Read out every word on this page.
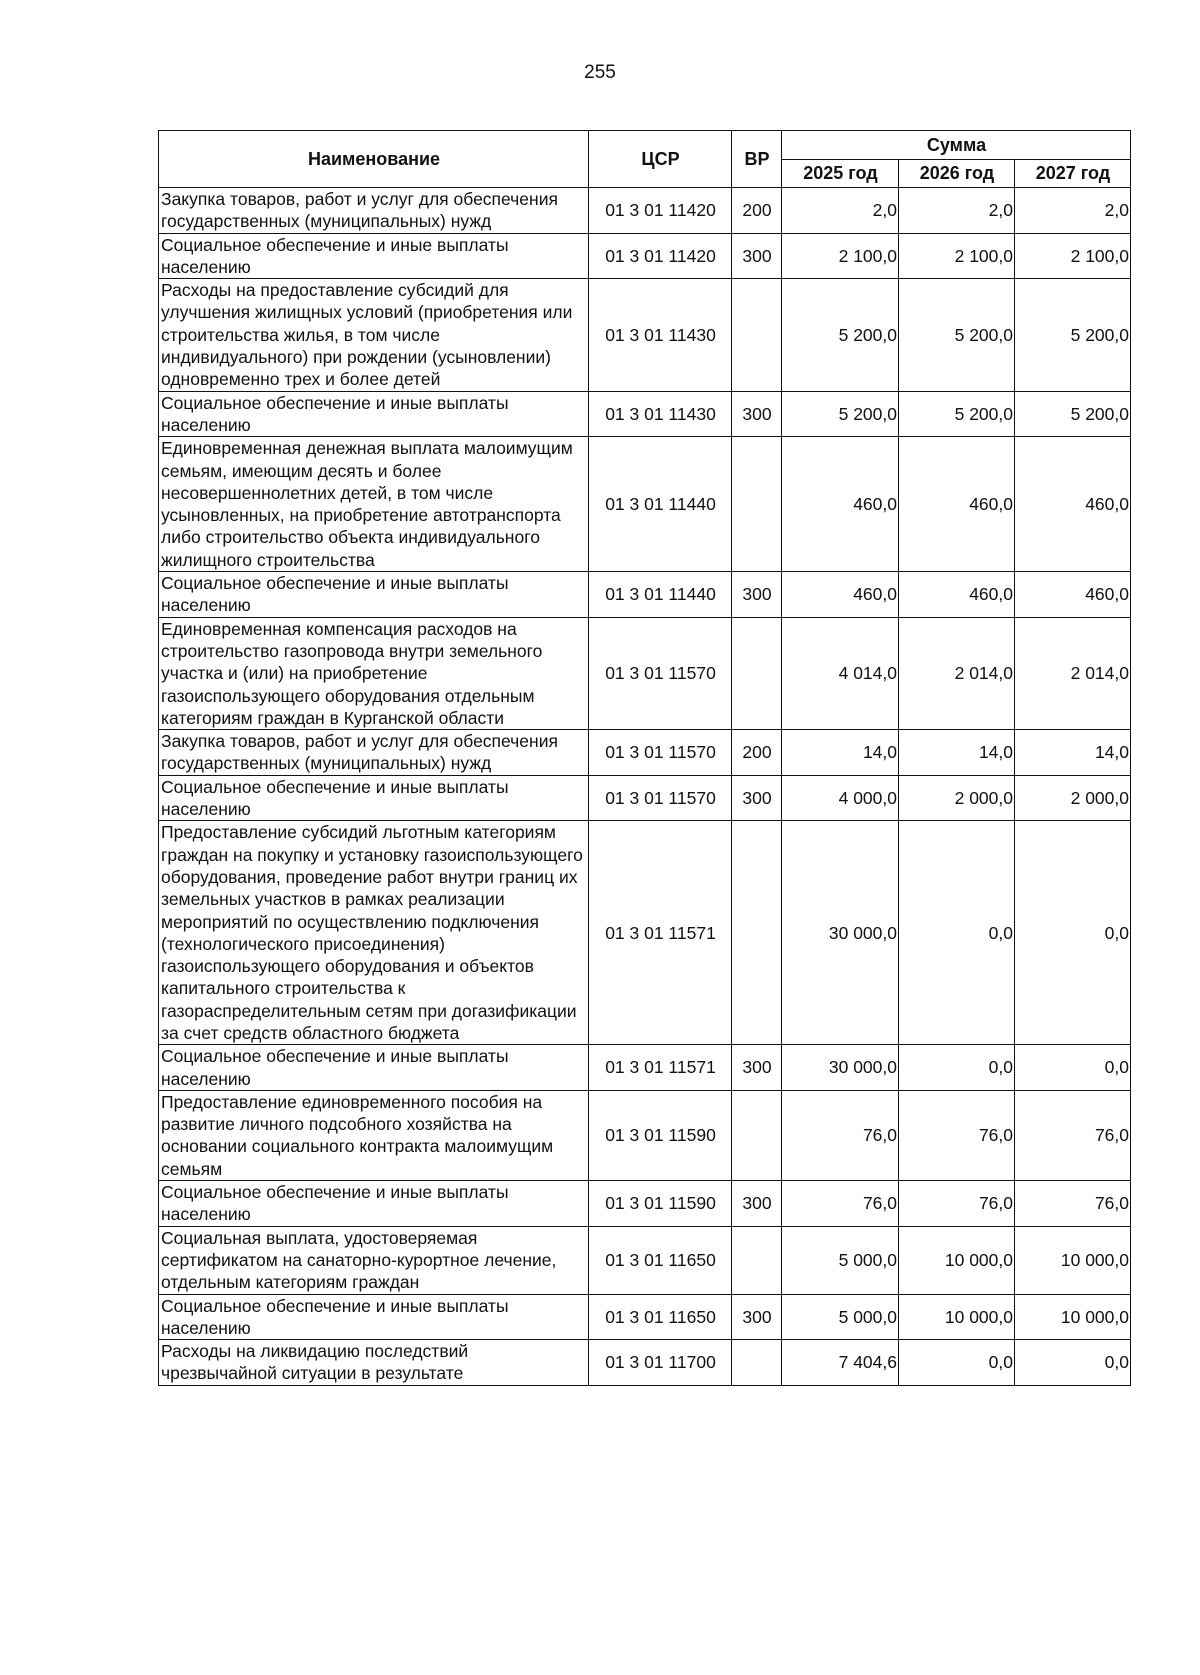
255
Наименование	ЦСР	ВР	Сумма		
			2025 год	2026 год	2027 год
Закупка товаров, работ и услуг для обеспечения государственных (муниципальных) нужд	01 3 01 11420	200	2,0	2,0	2,0
Социальное обеспечение и иные выплаты населению	01 3 01 11420	300	2 100,0	2 100,0	2 100,0
Расходы на предоставление субсидий для улучшения жилищных условий (приобретения или строительства жилья, в том числе индивидуального) при рождении (усыновлении) одновременно трех и более детей	01 3 01 11430		5 200,0	5 200,0	5 200,0
Социальное обеспечение и иные выплаты населению	01 3 01 11430	300	5 200,0	5 200,0	5 200,0
Единовременная денежная выплата малоимущим семьям, имеющим десять и более несовершеннолетних детей, в том числе усыновленных, на приобретение автотранспорта либо строительство объекта индивидуального жилищного строительства	01 3 01 11440		460,0	460,0	460,0
Социальное обеспечение и иные выплаты населению	01 3 01 11440	300	460,0	460,0	460,0
Единовременная компенсация расходов на строительство газопровода внутри земельного участка и (или) на приобретение газоиспользующего оборудования отдельным категориям граждан в Курганской области	01 3 01 11570		4 014,0	2 014,0	2 014,0
Закупка товаров, работ и услуг для обеспечения государственных (муниципальных) нужд	01 3 01 11570	200	14,0	14,0	14,0
Социальное обеспечение и иные выплаты населению	01 3 01 11570	300	4 000,0	2 000,0	2 000,0
Предоставление субсидий льготным категориям граждан на покупку и установку газоиспользующего оборудования, проведение работ внутри границ их земельных участков в рамках реализации мероприятий по осуществлению подключения (технологического присоединения) газоиспользующего оборудования и объектов капитального строительства к газораспределительным сетям при догазификации за счет средств областного бюджета	01 3 01 11571		30 000,0	0,0	0,0
Социальное обеспечение и иные выплаты населению	01 3 01 11571	300	30 000,0	0,0	0,0
Предоставление единовременного пособия на развитие личного подсобного хозяйства на основании социального контракта малоимущим семьям	01 3 01 11590		76,0	76,0	76,0
Социальное обеспечение и иные выплаты населению	01 3 01 11590	300	76,0	76,0	76,0
Социальная выплата, удостоверяемая сертификатом на санаторно-курортное лечение, отдельным категориям граждан	01 3 01 11650		5 000,0	10 000,0	10 000,0
Социальное обеспечение и иные выплаты населению	01 3 01 11650	300	5 000,0	10 000,0	10 000,0
Расходы на ликвидацию последствий чрезвычайной ситуации в результате	01 3 01 11700		7 404,6	0,0	0,0
